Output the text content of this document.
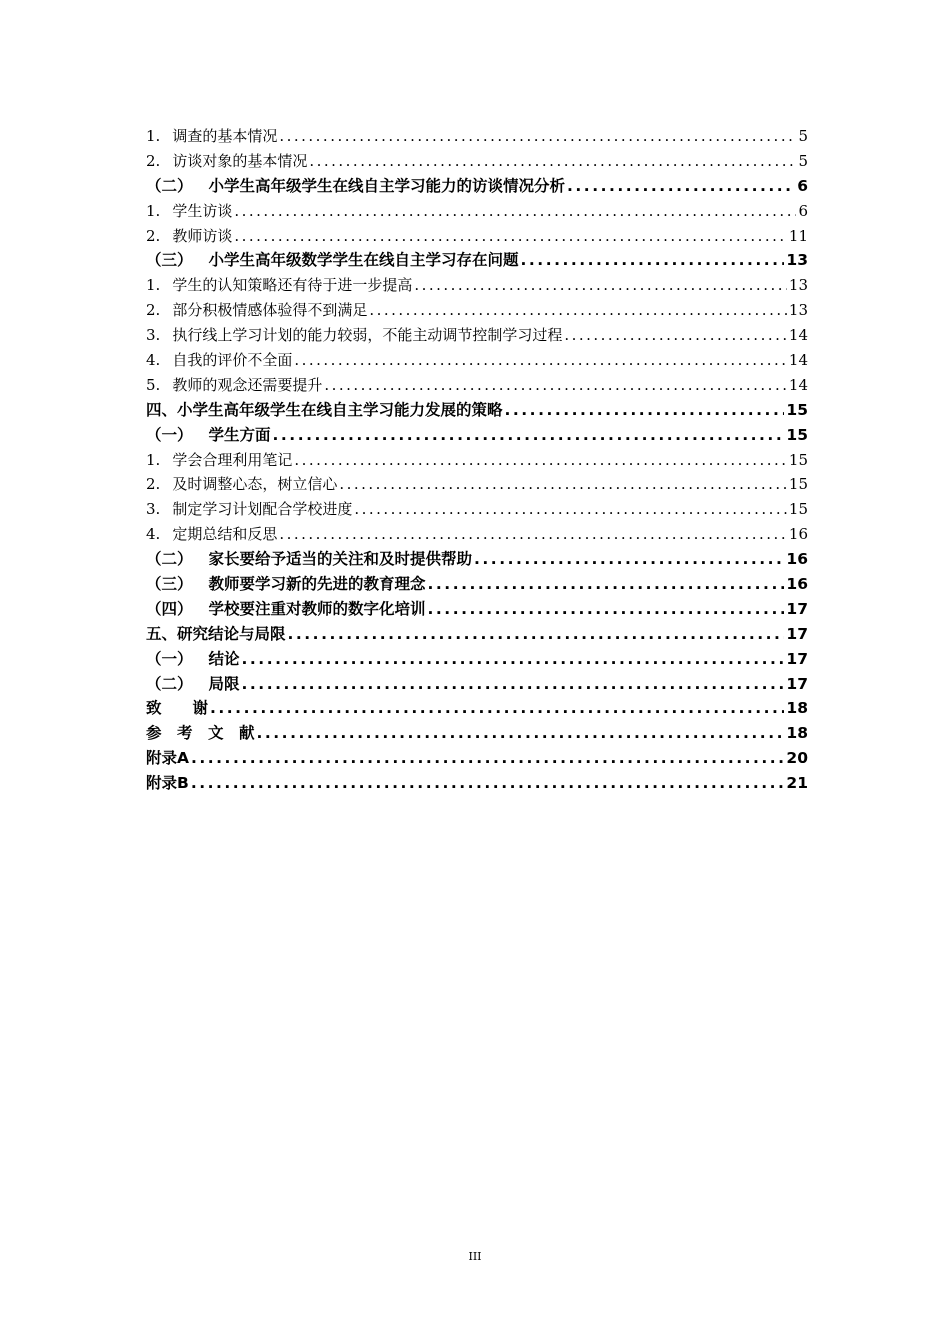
1. 调查的基本情况 .....	5
2. 访谈对象的基本情况 .....	5
（二） 小学生高年级学生在线自主学习能力的访谈情况分析 .....	6
1. 学生访谈 .....	6
2. 教师访谈 .....	11
（三） 小学生高年级数学学生在线自主学习存在问题 .....	13
1. 学生的认知策略还有待于进一步提高 .....	13
2. 部分积极情感体验得不到满足 .....	13
3. 执行线上学习计划的能力较弱，不能主动调节控制学习过程 .....	14
4. 自我的评价不全面 .....	14
5. 教师的观念还需要提升 .....	14
四、小学生高年级学生在线自主学习能力发展的策略 .....	15
（一） 学生方面 .....	15
1. 学会合理利用笔记 .....	15
2. 及时调整心态，树立信心 .....	15
3. 制定学习计划配合学校进度 .....	15
4. 定期总结和反思 .....	16
（二） 家长要给予适当的关注和及时提供帮助 .....	16
（三） 教师要学习新的先进的教育理念 .....	16
（四） 学校要注重对教师的数字化培训 .....	17
五、研究结论与局限 .....	17
（一） 结论 .....	17
（二） 局限 .....	17
致　　谢 .....	18
参　考　文　献 .....	18
附录A .....	20
附录B .....	21
III
